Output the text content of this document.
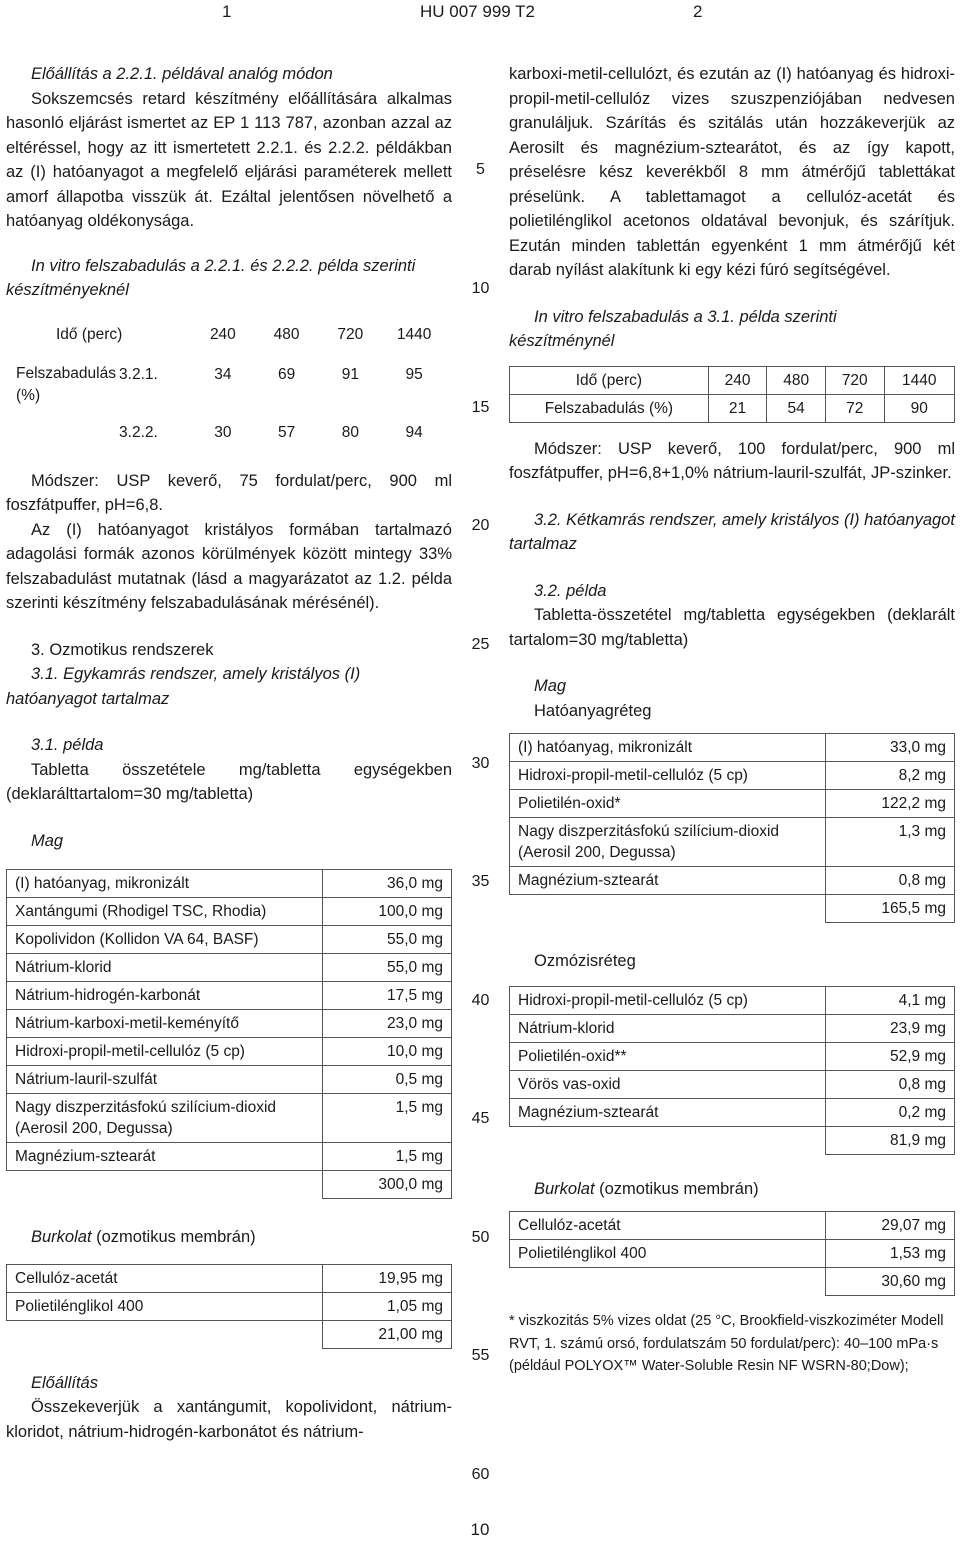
1	HU 007 999 T2	2
5
10
15
20
25
30
35
40
45
50
55
60

Előállítás a 2.2.1. példával analóg módon

Sokszemcsés retard készítmény előállítására alkalmas hasonló eljárást ismertet az EP 1 113 787, azonban azzal az eltéréssel, hogy az itt ismertetett 2.2.1. és 2.2.2. példákban az (I) hatóanyagot a megfelelő eljárási paraméterek mellett amorf állapotba visszük át. Ezáltal jelentősen növelhető a hatóanyag oldékonysága.

In vitro felszabadulás a 2.2.1. és 2.2.2. példa szerinti készítményeknél

Idő (perc)		240	480	720	1440
Felszabadulás (%)	3.2.1.	34	69	91	95
	3.2.2.	30	57	80	94

Módszer: USP keverő, 75 fordulat/perc, 900 ml foszfátpuffer, pH=6,8.

Az (I) hatóanyagot kristályos formában tartalmazó adagolási formák azonos körülmények között mintegy 33% felszabadulást mutatnak (lásd a magyarázatot az 1.2. példa szerinti készítmény felszabadulásának mérésénél).

3. Ozmotikus rendszerek

3.1. Egykamrás rendszer, amely kristályos (I) hatóanyagot tartalmaz

3.1. példa

Tabletta összetétele mg/tabletta egységekben (deklarálttartalom=30 mg/tabletta)

Mag

(I) hatóanyag, mikronizált	36,0 mg
Xantángumi (Rhodigel TSC, Rhodia)	100,0 mg
Kopolividon (Kollidon VA 64, BASF)	55,0 mg
Nátrium-klorid	55,0 mg
Nátrium-hidrogén-karbonát	17,5 mg
Nátrium-karboxi-metil-keményítő	23,0 mg
Hidroxi-propil-metil-cellulóz (5 cp)	10,0 mg
Nátrium-lauril-szulfát	0,5 mg
Nagy diszperzitásfokú szilícium-dioxid (Aerosil 200, Degussa)	1,5 mg
Magnézium-sztearát	1,5 mg
	300,0 mg

Burkolat (ozmotikus membrán)

Cellulóz-acetát	19,95 mg
Polietilénglikol 400	1,05 mg
	21,00 mg

Előállítás

Összekeverjük a xantángumit, kopolividont, nátrium-kloridot, nátrium-hidrogén-karbonátot és nátrium-

karboxi-metil-cellulózt, és ezután az (I) hatóanyag és hidroxi-propil-metil-cellulóz vizes szuszpenziójában nedvesen granuláljuk. Szárítás és szitálás után hozzákeverjük az Aerosilt és magnézium-sztearátot, és az így kapott, préselésre kész keverékből 8 mm átmérőjű tablettákat préselünk. A tablettamagot a cellulóz-acetát és polietilénglikol acetonos oldatával bevonjuk, és szárítjuk. Ezután minden tablettán egyenként 1 mm átmérőjű két darab nyílást alakítunk ki egy kézi fúró segítségével.

In vitro felszabadulás a 3.1. példa szerinti készítménynél

Idő (perc)	240	480	720	1440
Felszabadulás (%)	21	54	72	90

Módszer: USP keverő, 100 fordulat/perc, 900 ml foszfátpuffer, pH=6,8+1,0% nátrium-lauril-szulfát, JP-szinker.

3.2. Kétkamrás rendszer, amely kristályos (I) hatóanyagot tartalmaz

3.2. példa

Tabletta-összetétel mg/tabletta egységekben (deklarált tartalom=30 mg/tabletta)

Mag

Hatóanyagréteg

(I) hatóanyag, mikronizált	33,0 mg
Hidroxi-propil-metil-cellulóz (5 cp)	8,2 mg
Polietilén-oxid*	122,2 mg
Nagy diszperzitásfokú szilícium-dioxid (Aerosil 200, Degussa)	1,3 mg
Magnézium-sztearát	0,8 mg
	165,5 mg

Ozmózisréteg

Hidroxi-propil-metil-cellulóz (5 cp)	4,1 mg
Nátrium-klorid	23,9 mg
Polietilén-oxid**	52,9 mg
Vörös vas-oxid	0,8 mg
Magnézium-sztearát	0,2 mg
	81,9 mg

Burkolat (ozmotikus membrán)

Cellulóz-acetát	29,07 mg
Polietilénglikol 400	1,53 mg
	30,60 mg

* viszkozitás 5% vizes oldat (25 °C, Brookfield-viszkoziméter Modell RVT, 1. számú orsó, fordulatszám 50 fordulat/perc): 40–100 mPa·s (például POLYOX™ Water-Soluble Resin NF WSRN-80;Dow);

10
